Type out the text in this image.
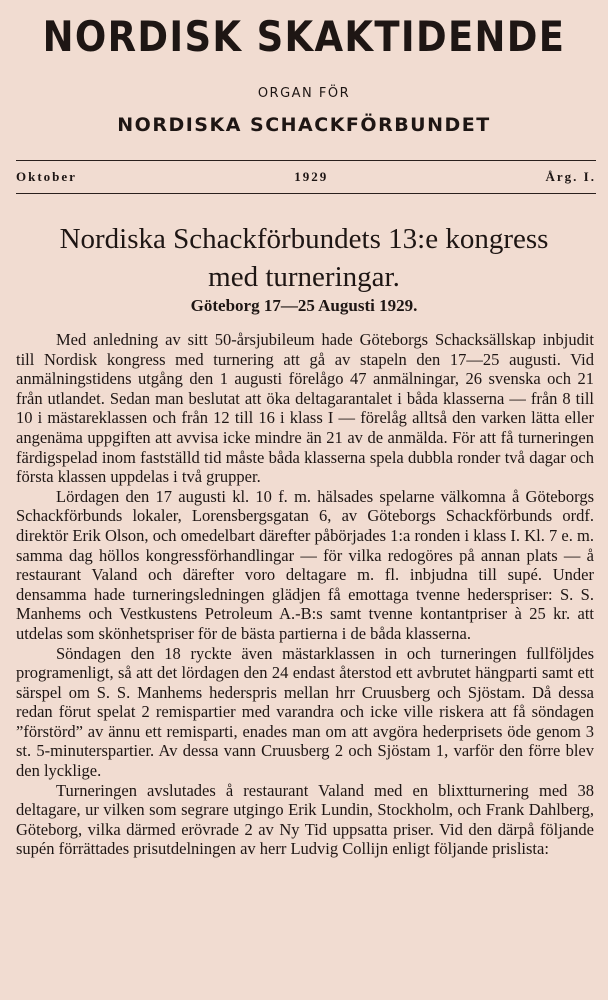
NORDISK SKAKTIDENDE
ORGAN FÖR
NORDISKA SCHACKFÖRBUNDET
Oktober	1929	Årg. I.
Nordiska Schackförbundets 13:e kongress
med turneringar.
Göteborg 17—25 Augusti 1929.

Med anledning av sitt 50-årsjubileum hade Göteborgs Schacksällskap inbjudit till Nordisk kongress med turnering att gå av stapeln den 17—25 augusti. Vid anmälningstidens utgång den 1 augusti förelågo 47 anmälningar, 26 svenska och 21 från utlandet. Sedan man beslutat att öka deltagarantalet i båda klasserna — från 8 till 10 i mästareklassen och från 12 till 16 i klass I — förelåg alltså den varken lätta eller angenäma uppgiften att avvisa icke mindre än 21 av de anmälda. För att få turneringen färdigspelad inom fastställd tid måste båda klasserna spela dubbla ronder två dagar och första klassen uppdelas i två grupper.

Lördagen den 17 augusti kl. 10 f. m. hälsades spelarne välkomna å Göteborgs Schackförbunds lokaler, Lorensbergsgatan 6, av Göteborgs Schackförbunds ordf. direktör Erik Olson, och omedelbart därefter påbörjades 1:a ronden i klass I. Kl. 7 e. m. samma dag höllos kongressförhandlingar — för vilka redogöres på annan plats — å restaurant Valand och därefter voro deltagare m. fl. inbjudna till supé. Under densamma hade turneringsledningen glädjen få emottaga tvenne hederspriser: S. S. Manhems och Vestkustens Petroleum A.-B:s samt tvenne kontantpriser à 25 kr. att utdelas som skönhetspriser för de bästa partierna i de båda klasserna.

Söndagen den 18 ryckte även mästarklassen in och turneringen fullföljdes programenligt, så att det lördagen den 24 endast återstod ett avbrutet hängparti samt ett särspel om S. S. Manhems hederspris mellan hrr Cruusberg och Sjöstam. Då dessa redan förut spelat 2 remispartier med varandra och icke ville riskera att få söndagen ”förstörd” av ännu ett remisparti, enades man om att avgöra hederprisets öde genom 3 st. 5-minuterspartier. Av dessa vann Cruusberg 2 och Sjöstam 1, varför den förre blev den lycklige.

Turneringen avslutades å restaurant Valand med en blixtturnering med 38 deltagare, ur vilken som segrare utgingo Erik Lundin, Stockholm, och Frank Dahlberg, Göteborg, vilka därmed erövrade 2 av Ny Tid uppsatta priser. Vid den därpå följande supén förrättades prisutdelningen av herr Ludvig Collijn enligt följande prislista:
